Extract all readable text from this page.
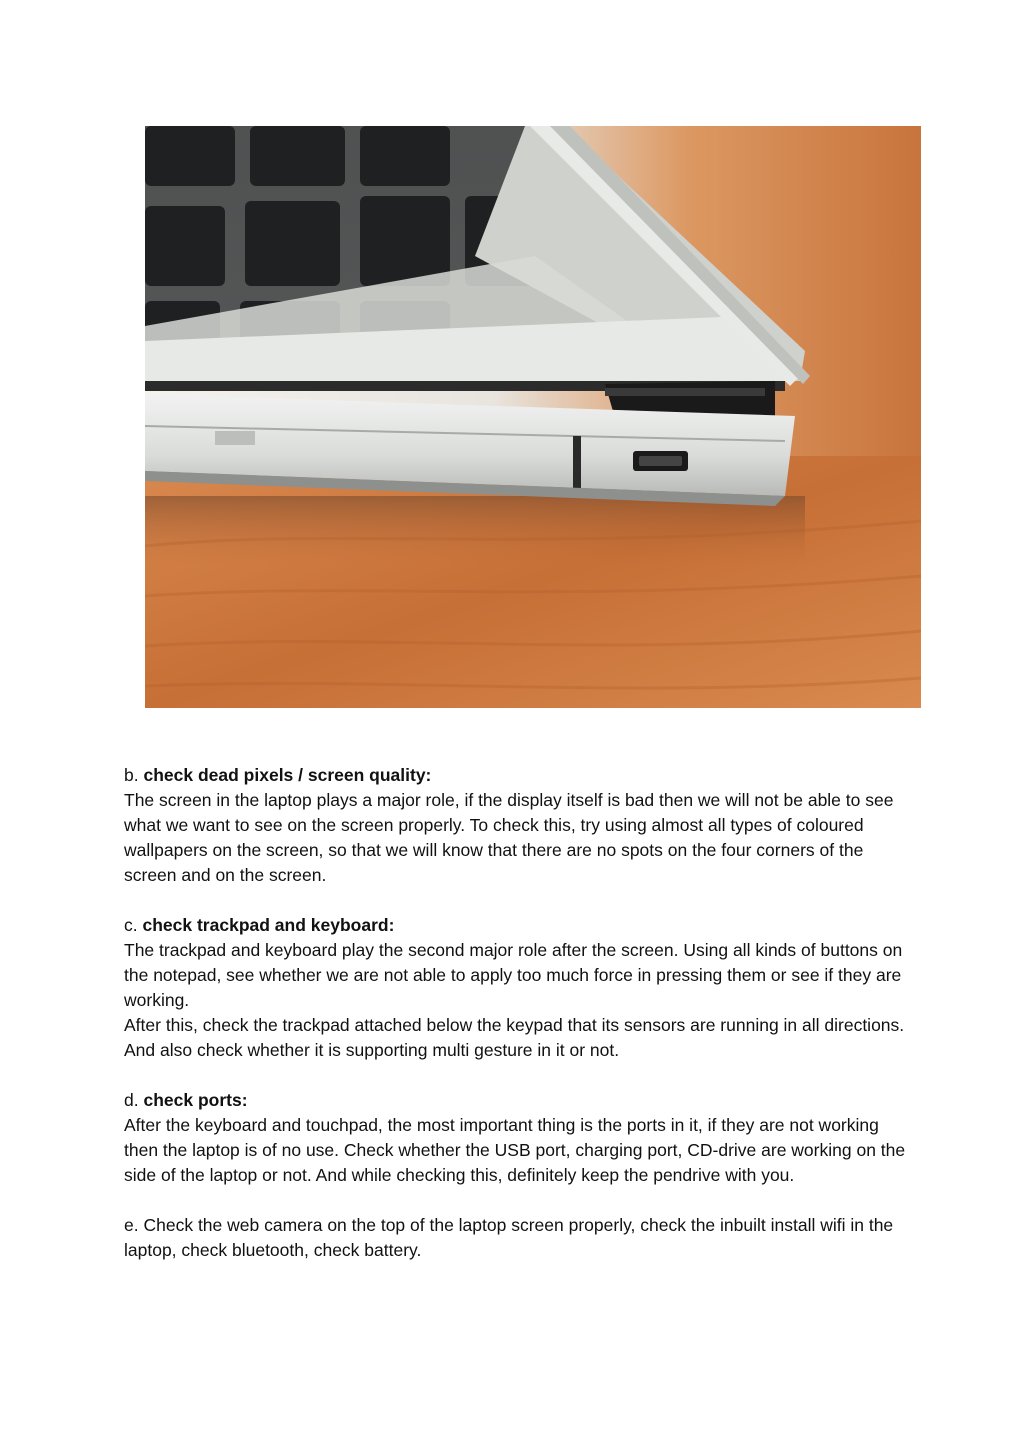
b. check dead pixels / screen quality:

The screen in the laptop plays a major role, if the display itself is bad then we will not be able to see what we want to see on the screen properly. To check this, try using almost all types of coloured wallpapers on the screen, so that we will know that there are no spots on the four corners of the screen and on the screen.

c. check trackpad and keyboard:

The trackpad and keyboard play the second major role after the screen. Using all kinds of buttons on the notepad, see whether we are not able to apply too much force in pressing them or see if they are working.

After this, check the trackpad attached below the keypad that its sensors are running in all directions. And also check whether it is supporting multi gesture in it or not.

d. check ports:

After the keyboard and touchpad, the most important thing is the ports in it, if they are not working then the laptop is of no use. Check whether the USB port, charging port, CD-drive are working on the side of the laptop or not. And while checking this, definitely keep the pendrive with you.

e. Check the web camera on the top of the laptop screen properly, check the inbuilt install wifi in the laptop, check bluetooth, check battery.
